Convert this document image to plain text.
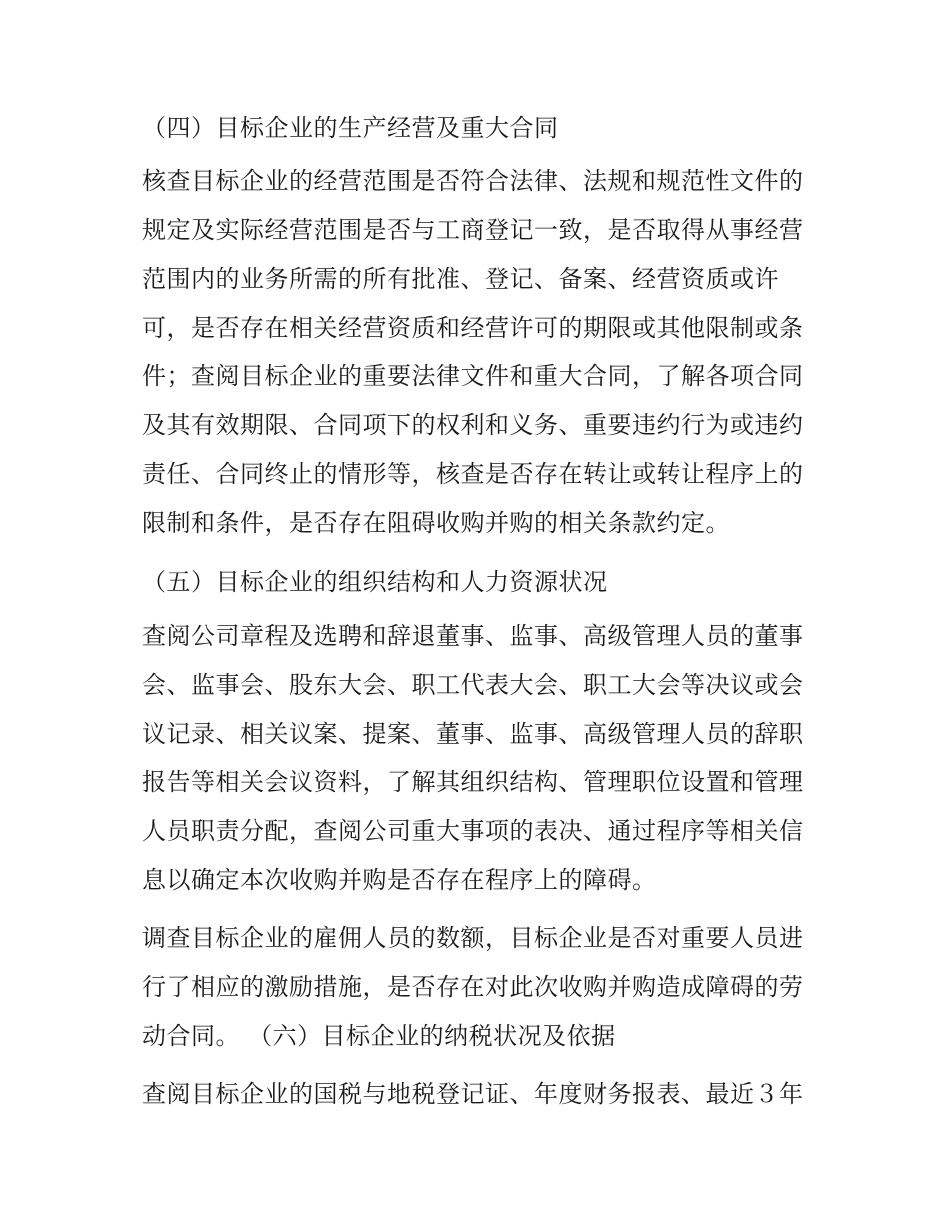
（四）目标企业的生产经营及重大合同
核查目标企业的经营范围是否符合法律、法规和规范性文件的
规定及实际经营范围是否与工商登记一致，是否取得从事经营
范围内的业务所需的所有批准、登记、备案、经营资质或许
可，是否存在相关经营资质和经营许可的期限或其他限制或条
件；查阅目标企业的重要法律文件和重大合同，了解各项合同
及其有效期限、合同项下的权利和义务、重要违约行为或违约
责任、合同终止的情形等，核查是否存在转让或转让程序上的
限制和条件，是否存在阻碍收购并购的相关条款约定。
（五）目标企业的组织结构和人力资源状况
查阅公司章程及选聘和辞退董事、监事、高级管理人员的董事
会、监事会、股东大会、职工代表大会、职工大会等决议或会
议记录、相关议案、提案、董事、监事、高级管理人员的辞职
报告等相关会议资料，了解其组织结构、管理职位设置和管理
人员职责分配，查阅公司重大事项的表决、通过程序等相关信
息以确定本次收购并购是否存在程序上的障碍。
调查目标企业的雇佣人员的数额，目标企业是否对重要人员进
行了相应的激励措施，是否存在对此次收购并购造成障碍的劳
动合同。 （六）目标企业的纳税状况及依据
查阅目标企业的国税与地税登记证、年度财务报表、最近３年
